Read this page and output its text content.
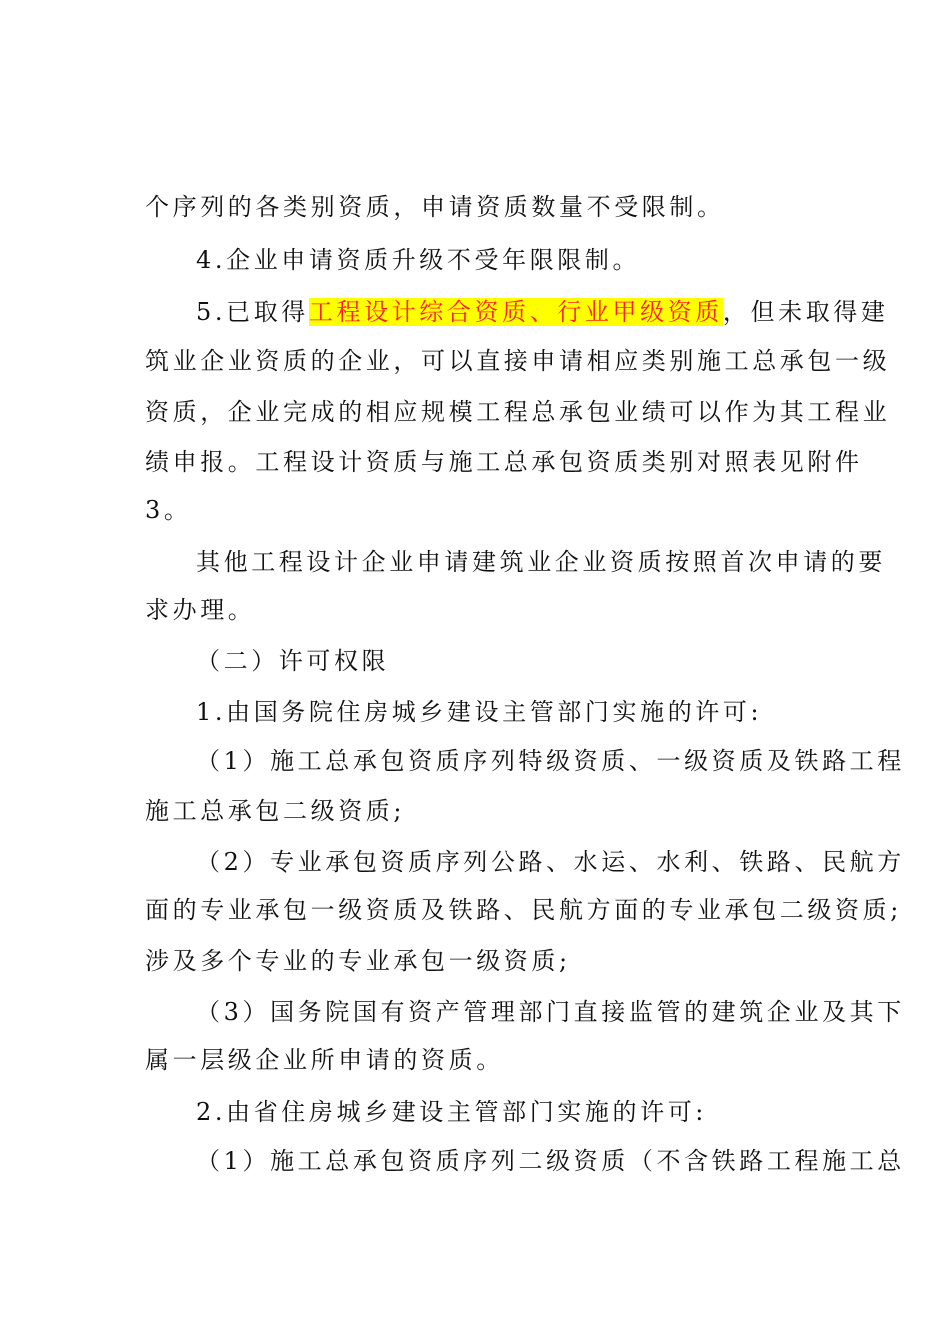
个序列的各类别资质，申请资质数量不受限制。
4.企业申请资质升级不受年限限制。
5.已取得工程设计综合资质、行业甲级资质，但未取得建
筑业企业资质的企业，可以直接申请相应类别施工总承包一级
资质，企业完成的相应规模工程总承包业绩可以作为其工程业
绩申报。工程设计资质与施工总承包资质类别对照表见附件
3。
其他工程设计企业申请建筑业企业资质按照首次申请的要
求办理。
（二）许可权限
1.由国务院住房城乡建设主管部门实施的许可:
（1）施工总承包资质序列特级资质、一级资质及铁路工程
施工总承包二级资质;
（2）专业承包资质序列公路、水运、水利、铁路、民航方
面的专业承包一级资质及铁路、民航方面的专业承包二级资质;
涉及多个专业的专业承包一级资质;
（3）国务院国有资产管理部门直接监管的建筑企业及其下
属一层级企业所申请的资质。
2.由省住房城乡建设主管部门实施的许可:
（1）施工总承包资质序列二级资质（不含铁路工程施工总
